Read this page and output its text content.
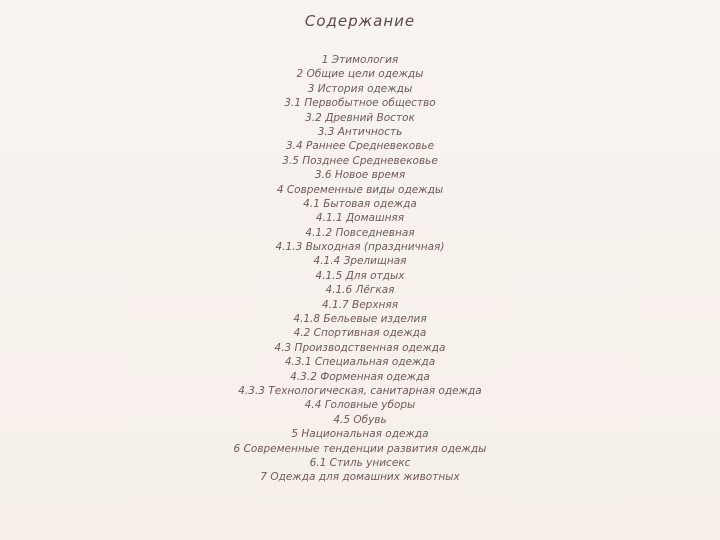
Содержание
1 Этимология
2 Общие цели одежды
3 История одежды
3.1 Первобытное общество
3.2 Древний Восток
3.3 Античность
3.4 Раннее Средневековье
3.5 Позднее Средневековье
3.6 Новое время
4 Современные виды одежды
4.1 Бытовая одежда
4.1.1 Домашняя
4.1.2 Повседневная
4.1.3 Выходная (праздничная)
4.1.4 Зрелищная
4.1.5 Для отдых
4.1.6 Лёгкая
4.1.7 Верхняя
4.1.8 Бельевые изделия
4.2 Спортивная одежда
4.3 Производственная одежда
4.3.1 Специальная одежда
4.3.2 Форменная одежда
4.3.3 Технологическая, санитарная одежда
4.4 Головные уборы
4.5 Обувь
5 Национальная одежда
6 Современные тенденции развития одежды
6.1 Стиль унисекс
7 Одежда для домашних животных
